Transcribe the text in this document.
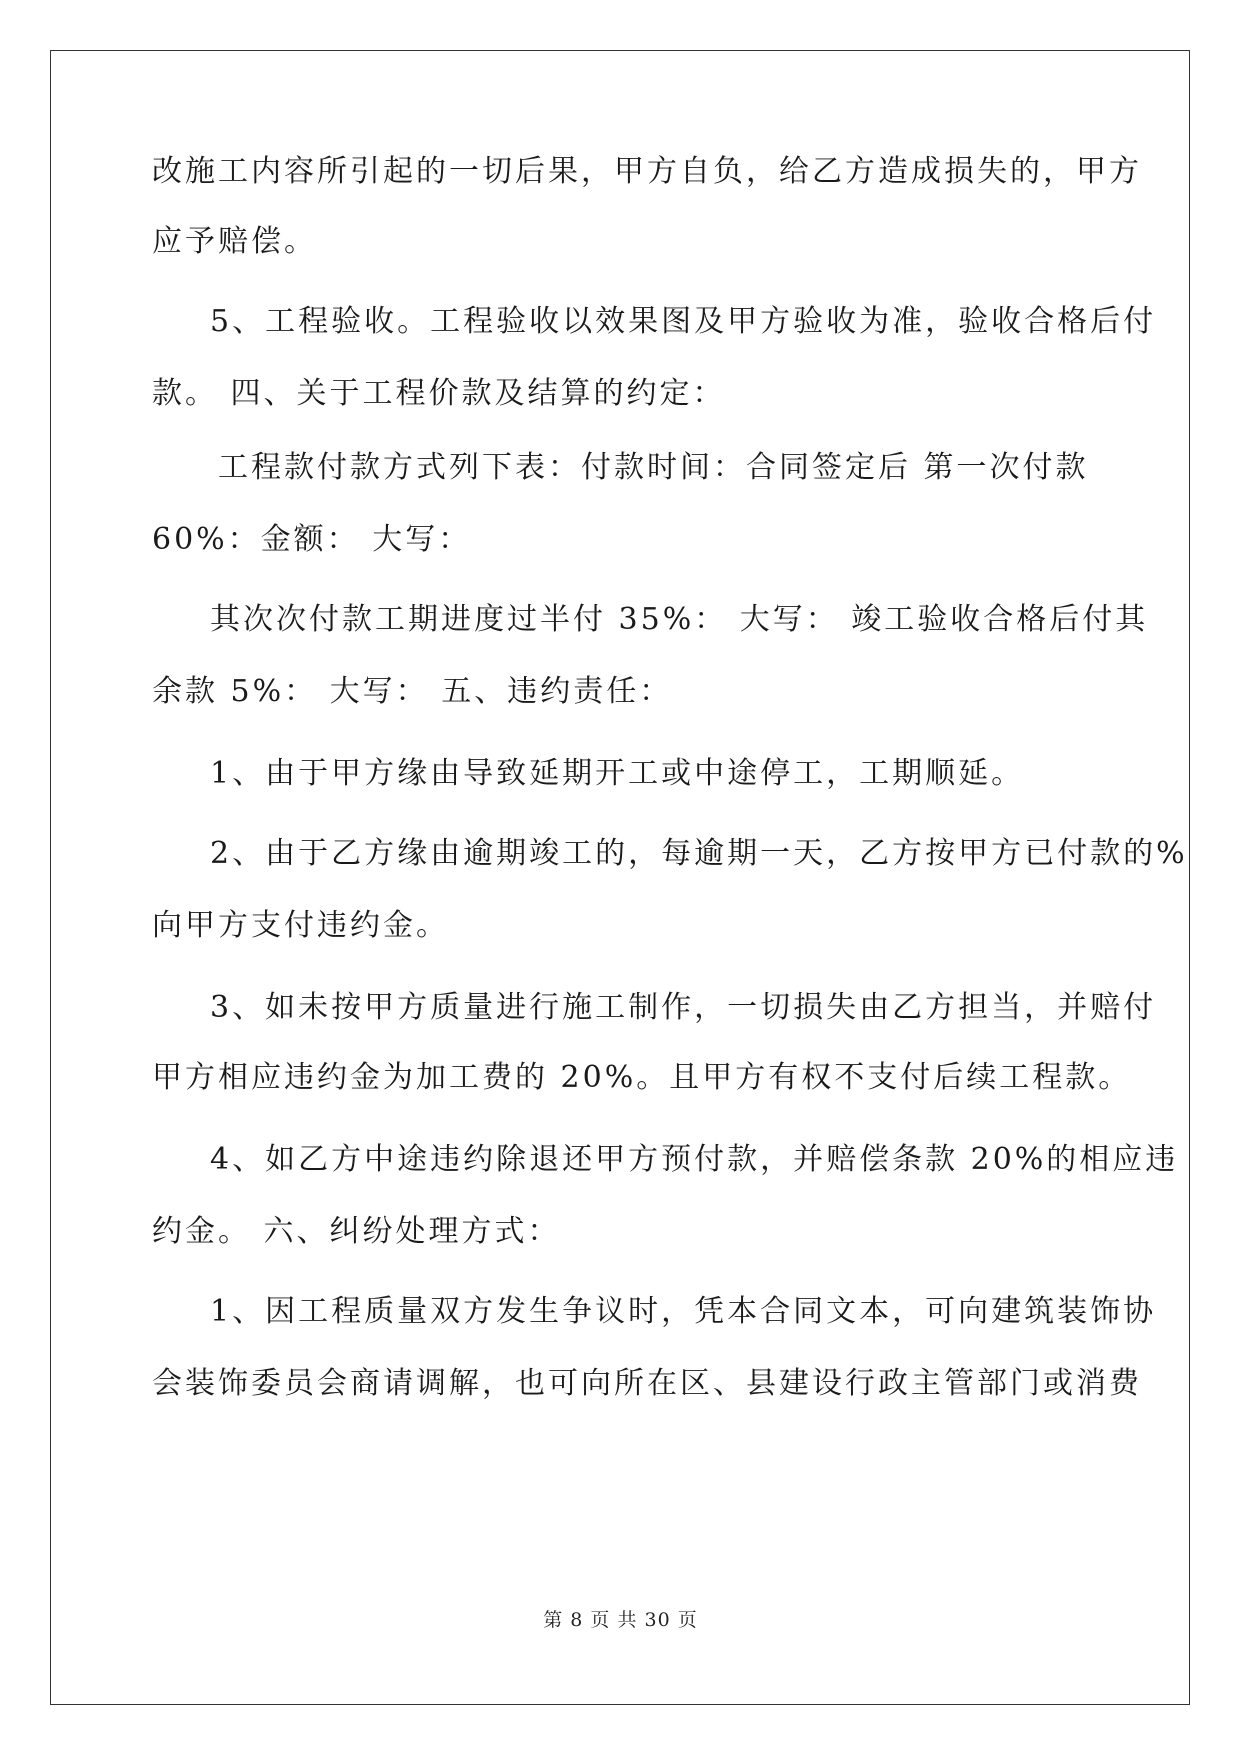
改施工内容所引起的一切后果，甲方自负，给乙方造成损失的，甲方
应予赔偿。
5、工程验收。工程验收以效果图及甲方验收为准，验收合格后付
款。 四、关于工程价款及结算的约定：
工程款付款方式列下表：付款时间：合同签定后 第一次付款
60%：金额： 大写：
其次次付款工期进度过半付 35%： 大写： 竣工验收合格后付其
余款 5%： 大写： 五、违约责任：
1、由于甲方缘由导致延期开工或中途停工，工期顺延。
2、由于乙方缘由逾期竣工的，每逾期一天，乙方按甲方已付款的%
向甲方支付违约金。
3、如未按甲方质量进行施工制作，一切损失由乙方担当，并赔付
甲方相应违约金为加工费的 20%。且甲方有权不支付后续工程款。
4、如乙方中途违约除退还甲方预付款，并赔偿条款 20%的相应违
约金。 六、纠纷处理方式：
1、因工程质量双方发生争议时，凭本合同文本，可向建筑装饰协
会装饰委员会商请调解，也可向所在区、县建设行政主管部门或消费
第 8 页 共 30 页
